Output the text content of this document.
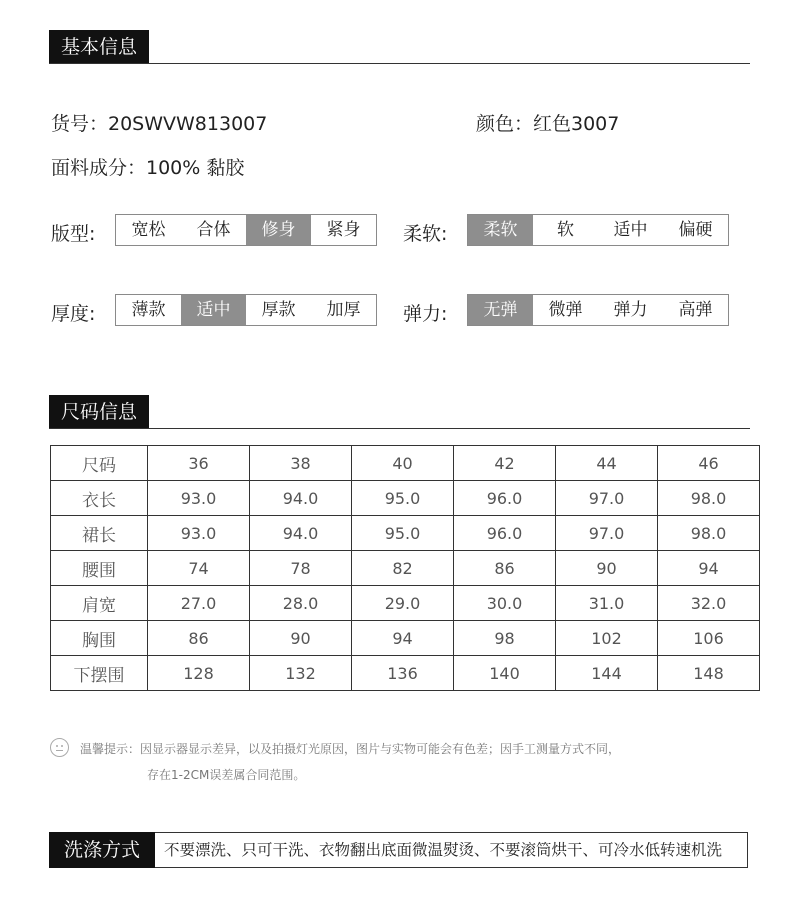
基本信息
货号：20SWVW813007	颜色：红色3007
面料成分：100% 黏胶
版型:	宽松	合体	修身	紧身	柔软:	柔软	软	适中	偏硬
厚度:	薄款	适中	厚款	加厚	弹力:	无弹	微弹	弹力	高弹
尺码信息
尺码	36	38	40	42	44	46
衣长	93.0	94.0	95.0	96.0	97.0	98.0
裙长	93.0	94.0	95.0	96.0	97.0	98.0
腰围	74	78	82	86	90	94
肩宽	27.0	28.0	29.0	30.0	31.0	32.0
胸围	86	90	94	98	102	106
下摆围	128	132	136	140	144	148
温馨提示：因显示器显示差异，以及拍摄灯光原因，图片与实物可能会有色差；因手工测量方式不同，
存在1-2CM误差属合同范围。
洗涤方式	不要漂洗、只可干洗、衣物翻出底面微温熨烫、不要滚筒烘干、可冷水低转速机洗
